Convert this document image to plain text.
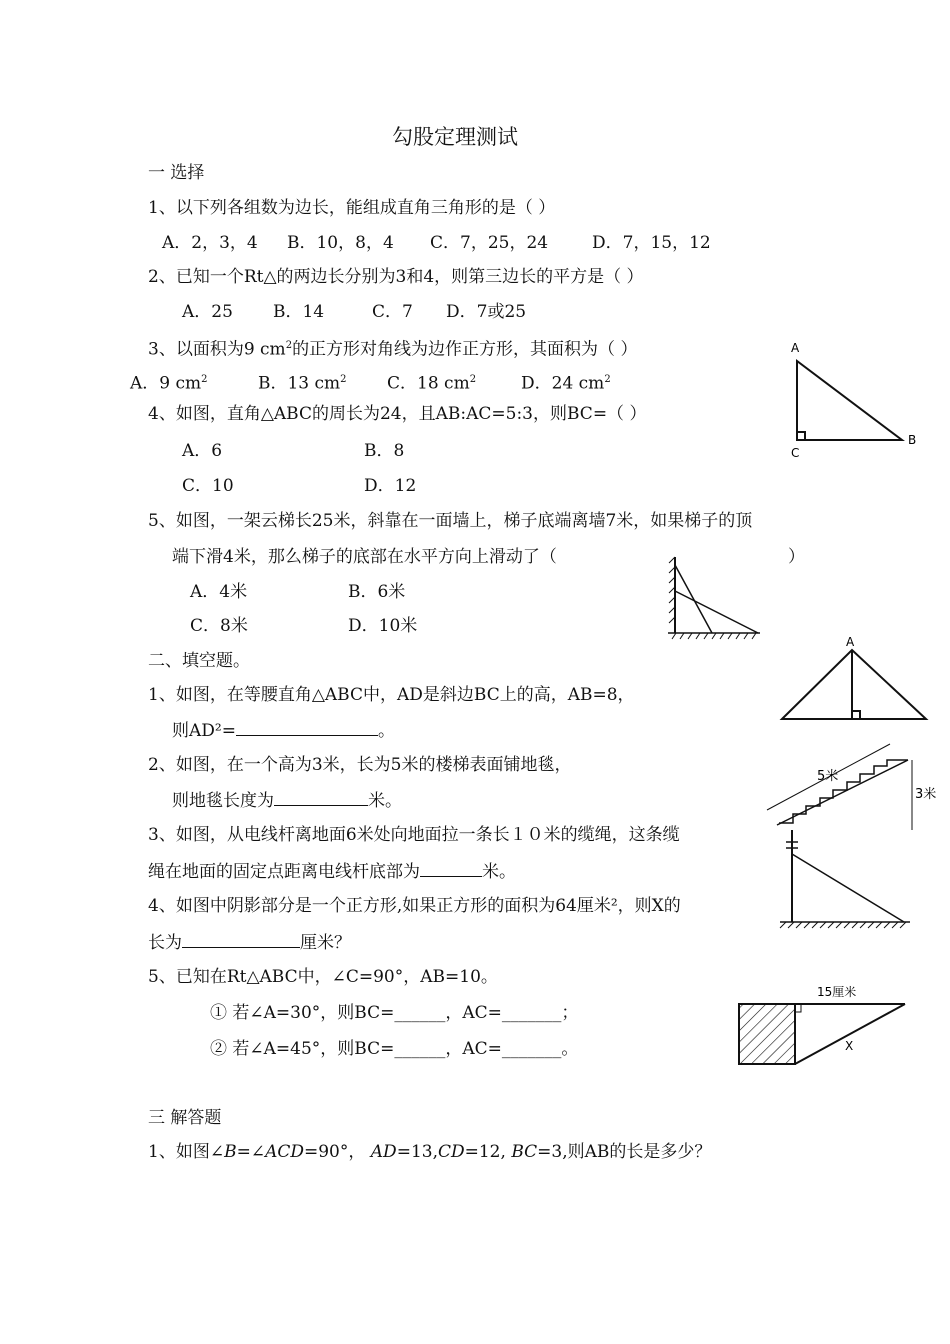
勾股定理测试
一 选择
1、以下列各组数为边长，能组成直角三角形的是（ ）
A．2，3，4 B．10，8，4 C．7，25，24	D．7，15，12
2、已知一个Rt△的两边长分别为3和4，则第三边长的平方是（ ）
A．25 B．14	C．7 D．7或25
3、以面积为9 $cm^2$的正方形对角线为边作正方形，其面积为（ ）
A．9 $cm^2$	B．13 $cm^2$ C．18 $cm^2$	D．24 $cm^2$
4、如图，直角△ABC的周长为24，且AB:AC=5:3，则BC=（ ）
A．6	B．8
C．10	D．12
A
B
C
5、如图，一架云梯长25米，斜靠在一面墙上，梯子底端离墙7米，如果梯子的顶
端下滑4米，那么梯子的底部在水平方向上滑动了（	）
A．4米	B．6米
C．8米	D．10米
二、填空题。
1、如图，在等腰直角△ABC中，AD是斜边BC上的高，AB=8，
则AD²=	。
A
2、如图，在一个高为3米，长为5米的楼梯表面铺地毯，
则地毯长度为	米。
5米
3米
3、如图，从电线杆离地面6米处向地面拉一条长１０米的缆绳，这条缆
绳在地面的固定点距离电线杆底部为	米。
4、如图中阴影部分是一个正方形,如果正方形的面积为64厘米²，则X的
长为	厘米？
5、已知在Rt△ABC中，∠C=90°，AB=10。
① 若∠A=30°，则BC=______，AC=_______；
② 若∠A=45°，则BC=______，AC=_______。
15厘米
X
三 解答题
1、如图∠B=∠ACD=90°， AD=13,CD=12, BC=3,则AB的长是多少？
